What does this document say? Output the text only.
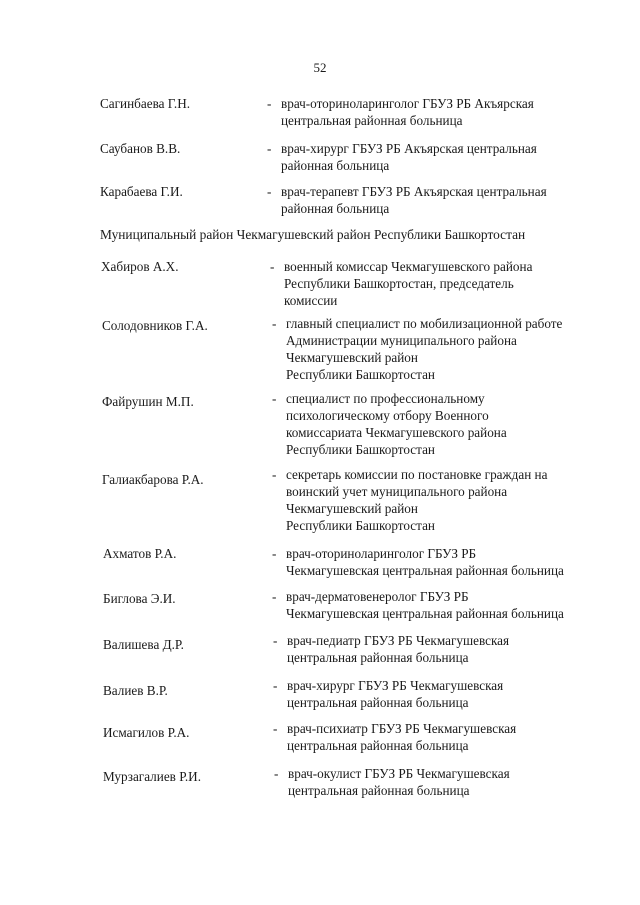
52
Сагинбаева Г.Н.	- врач-оториноларинголог ГБУЗ РБ Акъярская
центральная районная больница
Саубанов В.В.	- врач-хирург ГБУЗ РБ Акъярская центральная
районная больница
Карабаева Г.И.	- врач-терапевт ГБУЗ РБ Акъярская центральная
районная больница
Муниципальный район Чекмагушевский район Республики Башкортостан
Хабиров А.Х.	- военный комиссар Чекмагушевского района
Республики Башкортостан, председатель
комиссии
Солодовников Г.А.	- главный специалист по мобилизационной работе
Администрации муниципального района
Чекмагушевский район
Республики Башкортостан
Файрушин М.П.	- специалист по профессиональному
психологическому отбору Военного
комиссариата Чекмагушевского района
Республики Башкортостан
Галиакбарова Р.А.	- секретарь комиссии по постановке граждан на
воинский учет муниципального района
Чекмагушевский район
Республики Башкортостан
Ахматов Р.А.	- врач-оториноларинголог ГБУЗ РБ
Чекмагушевская центральная районная больница
Биглова Э.И.	- врач-дерматовенеролог ГБУЗ РБ
Чекмагушевская центральная районная больница
Валишева Д.Р.	- врач-педиатр ГБУЗ РБ Чекмагушевская
центральная районная больница
Валиев В.Р.	- врач-хирург ГБУЗ РБ Чекмагушевская
центральная районная больница
Исмагилов Р.А.	- врач-психиатр ГБУЗ РБ Чекмагушевская
центральная районная больница
Мурзагалиев Р.И.	- врач-окулист ГБУЗ РБ Чекмагушевская
центральная районная больница
